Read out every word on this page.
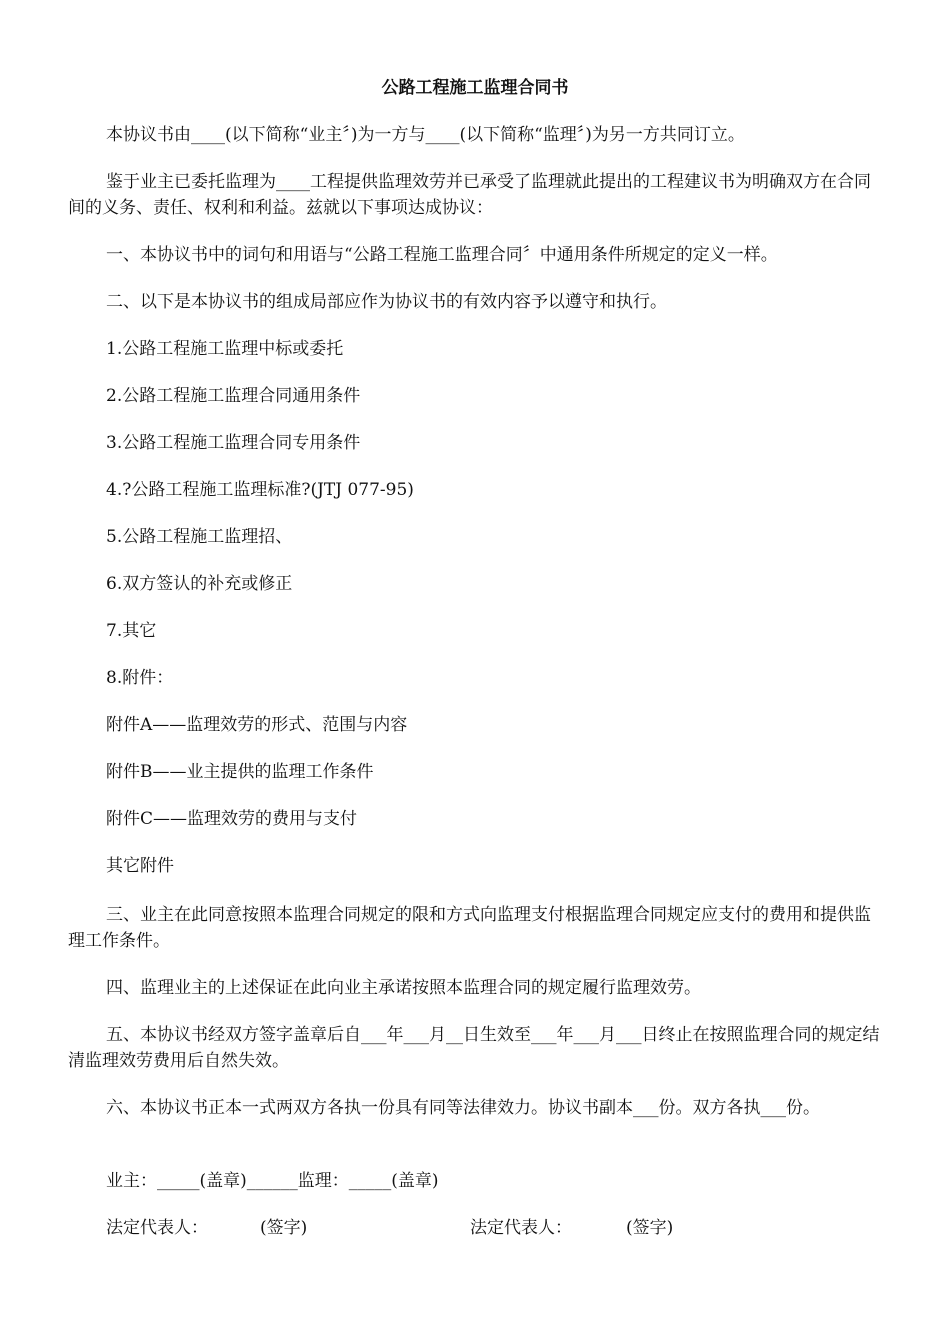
公路工程施工监理合同书
本协议书由____(以下简称“业主〞)为一方与____(以下简称“监理〞)为另一方共同订立。
鉴于业主已委托监理为____工程提供监理效劳并已承受了监理就此提出的工程建议书为明确双方在合同间的义务、责任、权利和利益。兹就以下事项达成协议：
一、本协议书中的词句和用语与“公路工程施工监理合同〞中通用条件所规定的定义一样。
二、以下是本协议书的组成局部应作为协议书的有效内容予以遵守和执行。
1.公路工程施工监理中标或委托
2.公路工程施工监理合同通用条件
3.公路工程施工监理合同专用条件
4.?公路工程施工监理标准?(JTJ 077-95)
5.公路工程施工监理招、
6.双方签认的补充或修正
7.其它
8.附件：
附件A——监理效劳的形式、范围与内容
附件B——业主提供的监理工作条件
附件C——监理效劳的费用与支付
其它附件
三、业主在此同意按照本监理合同规定的限和方式向监理支付根据监理合同规定应支付的费用和提供监理工作条件。
四、监理业主的上述保证在此向业主承诺按照本监理合同的规定履行监理效劳。
五、本协议书经双方签字盖章后自___年___月__日生效至___年___月___日终止在按照监理合同的规定结清监理效劳费用后自然失效。
六、本协议书正本一式两双方各执一份具有同等法律效力。协议书副本___份。双方各执___份。
业主：_____(盖章)______监理：_____(盖章)
法定代表人：	(签字)	法定代表人：	(签字)
